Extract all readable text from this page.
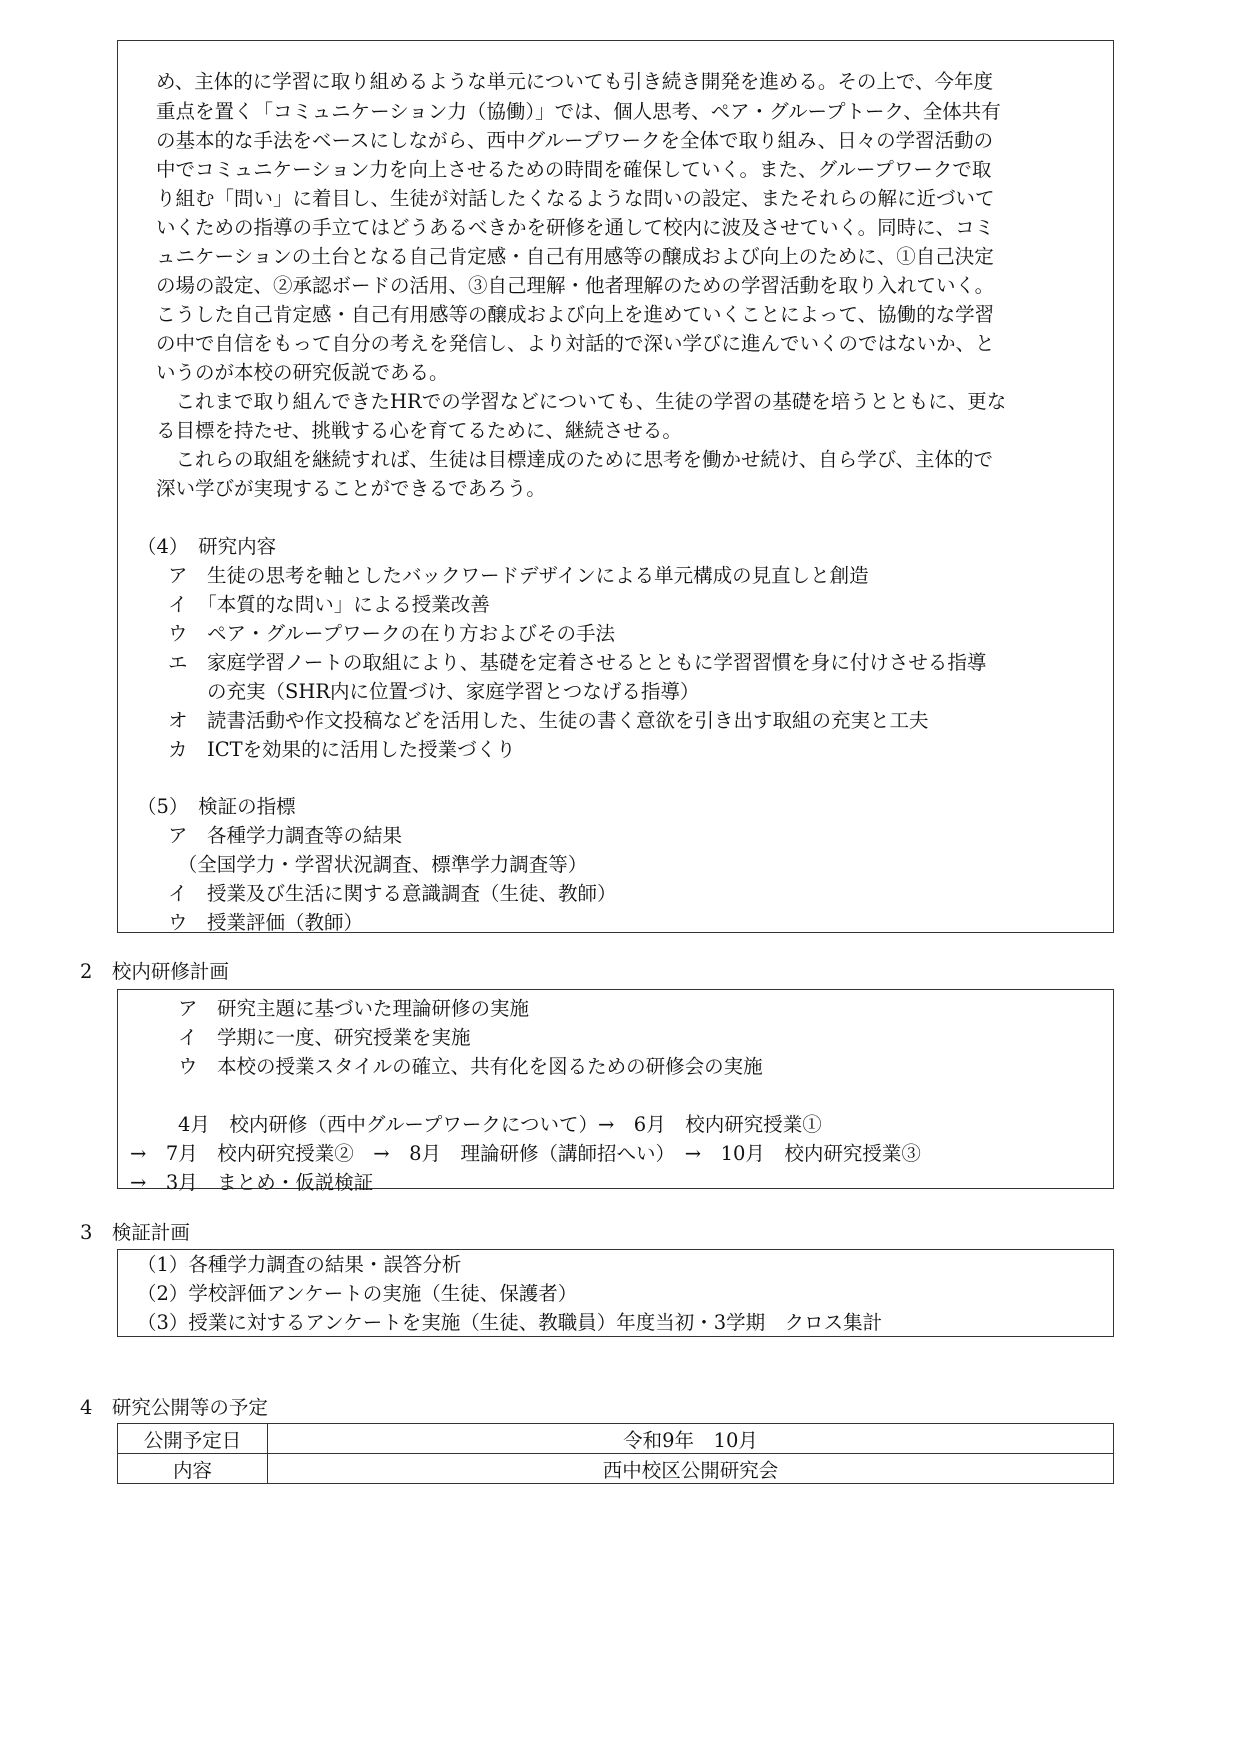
め、主体的に学習に取り組めるような単元についても引き続き開発を進める。その上で、今年度
重点を置く「コミュニケーション力（協働）」では、個人思考、ペア・グループトーク、全体共有
の基本的な手法をベースにしながら、西中グループワークを全体で取り組み、日々の学習活動の
中でコミュニケーション力を向上させるための時間を確保していく。また、グループワークで取
り組む「問い」に着目し、生徒が対話したくなるような問いの設定、またそれらの解に近づいて
いくための指導の手立てはどうあるべきかを研修を通して校内に波及させていく。同時に、コミ
ュニケーションの土台となる自己肯定感・自己有用感等の醸成および向上のために、①自己決定
の場の設定、②承認ボードの活用、③自己理解・他者理解のための学習活動を取り入れていく。
こうした自己肯定感・自己有用感等の醸成および向上を進めていくことによって、協働的な学習
の中で自信をもって自分の考えを発信し、より対話的で深い学びに進んでいくのではないか、と
いうのが本校の研究仮説である。
　これまで取り組んできたHRでの学習などについても、生徒の学習の基礎を培うとともに、更な
る目標を持たせ、挑戦する心を育てるために、継続させる。
　これらの取組を継続すれば、生徒は目標達成のために思考を働かせ続け、自ら学び、主体的で
深い学びが実現することができるであろう。
（4）　研究内容
ア　生徒の思考を軸としたバックワードデザインによる単元構成の見直しと創造
イ　「本質的な問い」による授業改善
ウ　ペア・グループワークの在り方およびその手法
エ　家庭学習ノートの取組により、基礎を定着させるとともに学習習慣を身に付けさせる指導
　　の充実（SHR内に位置づけ、家庭学習とつなげる指導）
オ　読書活動や作文投稿などを活用した、生徒の書く意欲を引き出す取組の充実と工夫
カ　ICTを効果的に活用した授業づくり
（5）　検証の指標
ア　各種学力調査等の結果
　（全国学力・学習状況調査、標準学力調査等）
イ　授業及び生活に関する意識調査（生徒、教師）
ウ　授業評価（教師）
2　校内研修計画
ア　研究主題に基づいた理論研修の実施
イ　学期に一度、研究授業を実施
ウ　本校の授業スタイルの確立、共有化を図るための研修会の実施
4月　校内研修（西中グループワークについて）→　6月　校内研究授業①
→　7月　校内研究授業②　→　8月　理論研修（講師招へい）　→　10月　校内研究授業③
→　3月　まとめ・仮説検証
3　検証計画
（1）各種学力調査の結果・誤答分析
（2）学校評価アンケートの実施（生徒、保護者）
（3）授業に対するアンケートを実施（生徒、教職員）年度当初・3学期　クロス集計
4　研究公開等の予定
公開予定日	令和9年　10月
内容	西中校区公開研究会
